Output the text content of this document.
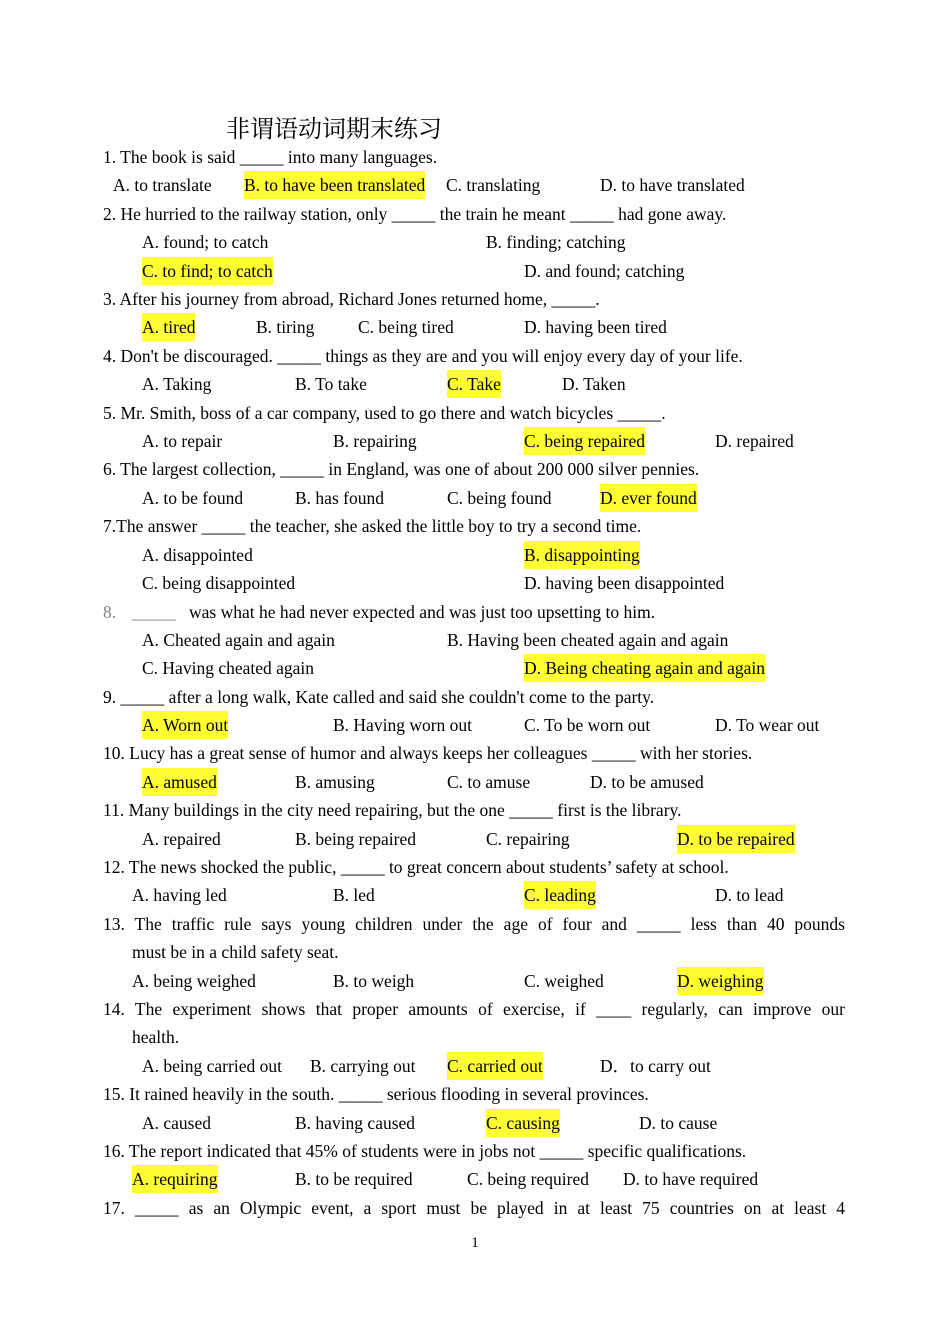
非谓语动词期末练习
1. The book is said _____ into many languages.
A. to translate B. to have been translated C. translating	D. to have translated
2. He hurried to the railway station, only _____ the train he meant _____ had gone away.
A. found; to catch	B. finding; catching
C. to find; to catch	D. and found; catching
3. After his journey from abroad, Richard Jones returned home, _____.
A. tired	B. tiring C. being tired	D. having been tired
4. Don't be discouraged. _____ things as they are and you will enjoy every day of your life.
A. Taking	B. To take	C. Take	D. Taken
5. Mr. Smith, boss of a car company, used to go there and watch bicycles _____.
A. to repair	B. repairing	C. being repaired	D. repaired
6. The largest collection, _____ in England, was one of about 200 000 silver pennies.
A. to be found	B. has found	C. being found	D. ever found
7.The answer _____ the teacher, she asked the little boy to try a second time.
A. disappointed	B. disappointing
C. being disappointed	D. having been disappointed
8. _____ was what he had never expected and was just too upsetting to him.
A. Cheated again and again	B. Having been cheated again and again
C. Having cheated again	D. Being cheating again and again
9. _____ after a long walk, Kate called and said she couldn't come to the party.
A. Worn out	B. Having worn out	C. To be worn out	D. To wear out
10. Lucy has a great sense of humor and always keeps her colleagues _____ with her stories.
A. amused	B. amusing	C. to amuse	D. to be amused
11. Many buildings in the city need repairing, but the one _____ first is the library.
A. repaired	B. being repaired	C. repairing	D. to be repaired
12. The news shocked the public, _____ to great concern about students’ safety at school.
A. having led	B. led	C. leading	D. to lead
13. The traffic rule says young children under the age of four and _____ less than 40 pounds
must be in a child safety seat.
A. being weighed	B. to weigh	C. weighed	D. weighing
14. The experiment shows that proper amounts of exercise, if ____ regularly, can improve our
health.
A. being carried out B. carrying out C. carried out	D．to carry out
15. It rained heavily in the south. _____ serious flooding in several provinces.
A. caused	B. having caused	C. causing	D. to cause
16. The report indicated that 45% of students were in jobs not _____ specific qualifications.
A. requiring	B. to be required	C. being required D. to have required
17. _____ as an Olympic event, a sport must be played in at least 75 countries on at least 4
1
